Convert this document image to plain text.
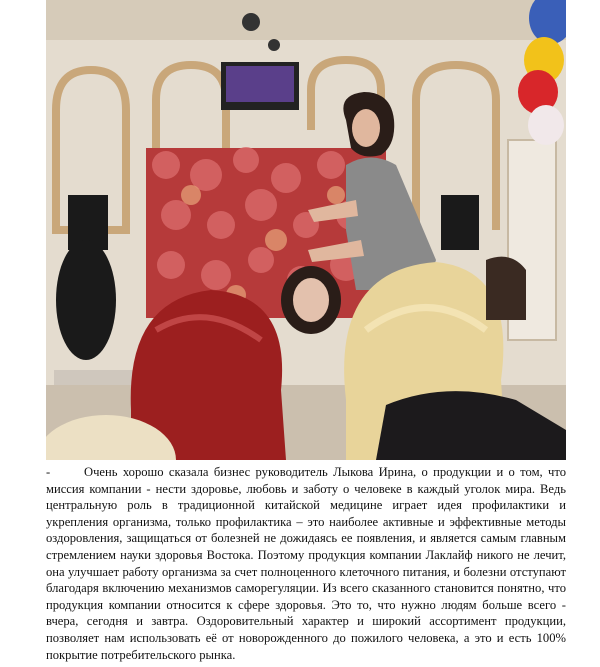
-	Очень хорошо сказала бизнес руководитель Лыкова Ирина, о продукции и о том, что миссия компании - нести здоровье, любовь и заботу о человеке в каждый уголок мира. Ведь центральную роль в традиционной китайской медицине играет идея профилактики и укрепления организма, только профилактика – это наиболее активные и эффективные методы оздоровления, защищаться от болезней не дожидаясь ее появления, и является самым главным стремлением науки здоровья Востока. Поэтому продукция компании Лаклайф никого не лечит, она улучшает работу организма за счет полноценного клеточного питания, и болезни отступают благодаря включению механизмов саморегуляции. Из всего сказанного становится понятно, что продукция компании относится к сфере здоровья. Это то, что нужно людям больше всего - вчера, сегодня и завтра. Оздоровительный характер и широкий ассортимент продукции, позволяет нам использовать её от новорожденного до пожилого человека, а это и есть 100% покрытие потребительского рынка.
